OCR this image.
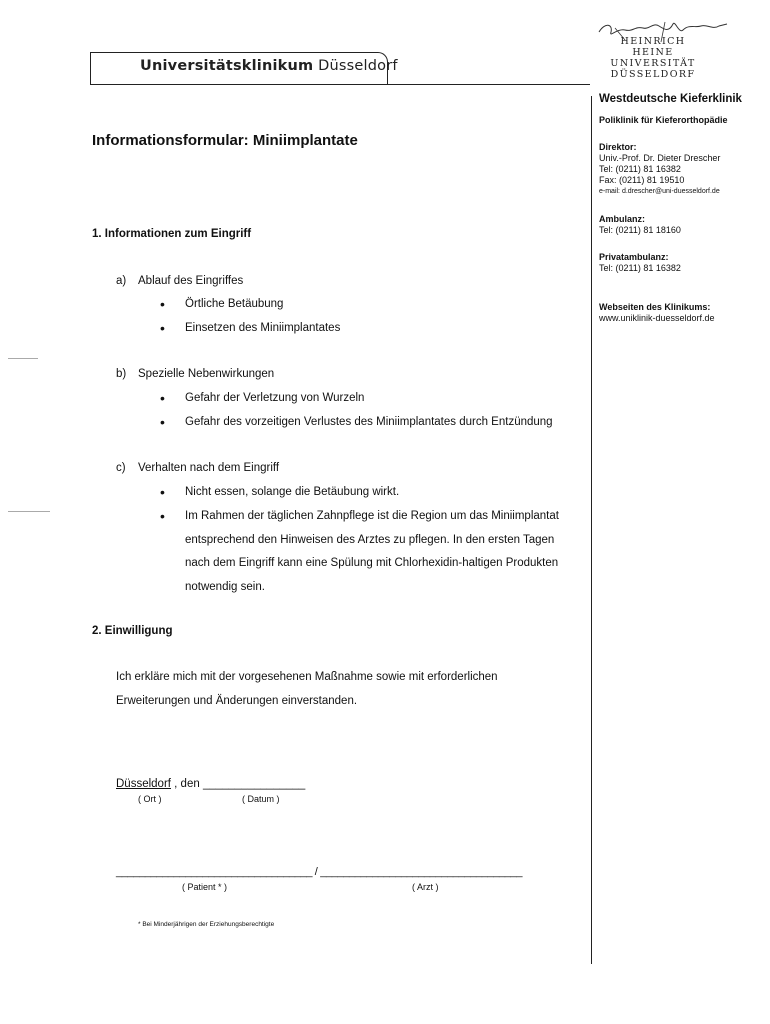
Universitätsklinikum Düsseldorf
HEINRICH HEINE
UNIVERSITÄT
DÜSSELDORF
Westdeutsche Kieferklinik
Poliklinik für Kieferorthopädie
Direktor:
Univ.-Prof. Dr. Dieter Drescher
Tel: (0211) 81 16382
Fax: (0211) 81 19510
e-mail: d.drescher@uni-duesseldorf.de
Ambulanz:
Tel: (0211) 81 18160
Privatambulanz:
Tel: (0211) 81 16382
Webseiten des Klinikums:
www.uniklinik-duesseldorf.de
Informationsformular: Miniimplantate
1. Informationen zum Eingriff
a) Ablauf des Eingriffes
• Örtliche Betäubung
• Einsetzen des Miniimplantates
b) Spezielle Nebenwirkungen
• Gefahr der Verletzung von Wurzeln
• Gefahr des vorzeitigen Verlustes des Miniimplantates durch Entzündung
c) Verhalten nach dem Eingriff
• Nicht essen, solange die Betäubung wirkt.
• Im Rahmen der täglichen Zahnpflege ist die Region um das Miniimplantat
entsprechend den Hinweisen des Arztes zu pflegen. In den ersten Tagen
nach dem Eingriff kann eine Spülung mit Chlorhexidin-haltigen Produkten
notwendig sein.
2. Einwilligung
Ich erkläre mich mit der vorgesehenen Maßnahme sowie mit erforderlichen
Erweiterungen und Änderungen einverstanden.
Düsseldorf , den ________________
( Ort )	( Datum )
__________________________________ / ___________________________________
( Patient * )	( Arzt )
* Bei Minderjährigen der Erziehungsberechtigte
